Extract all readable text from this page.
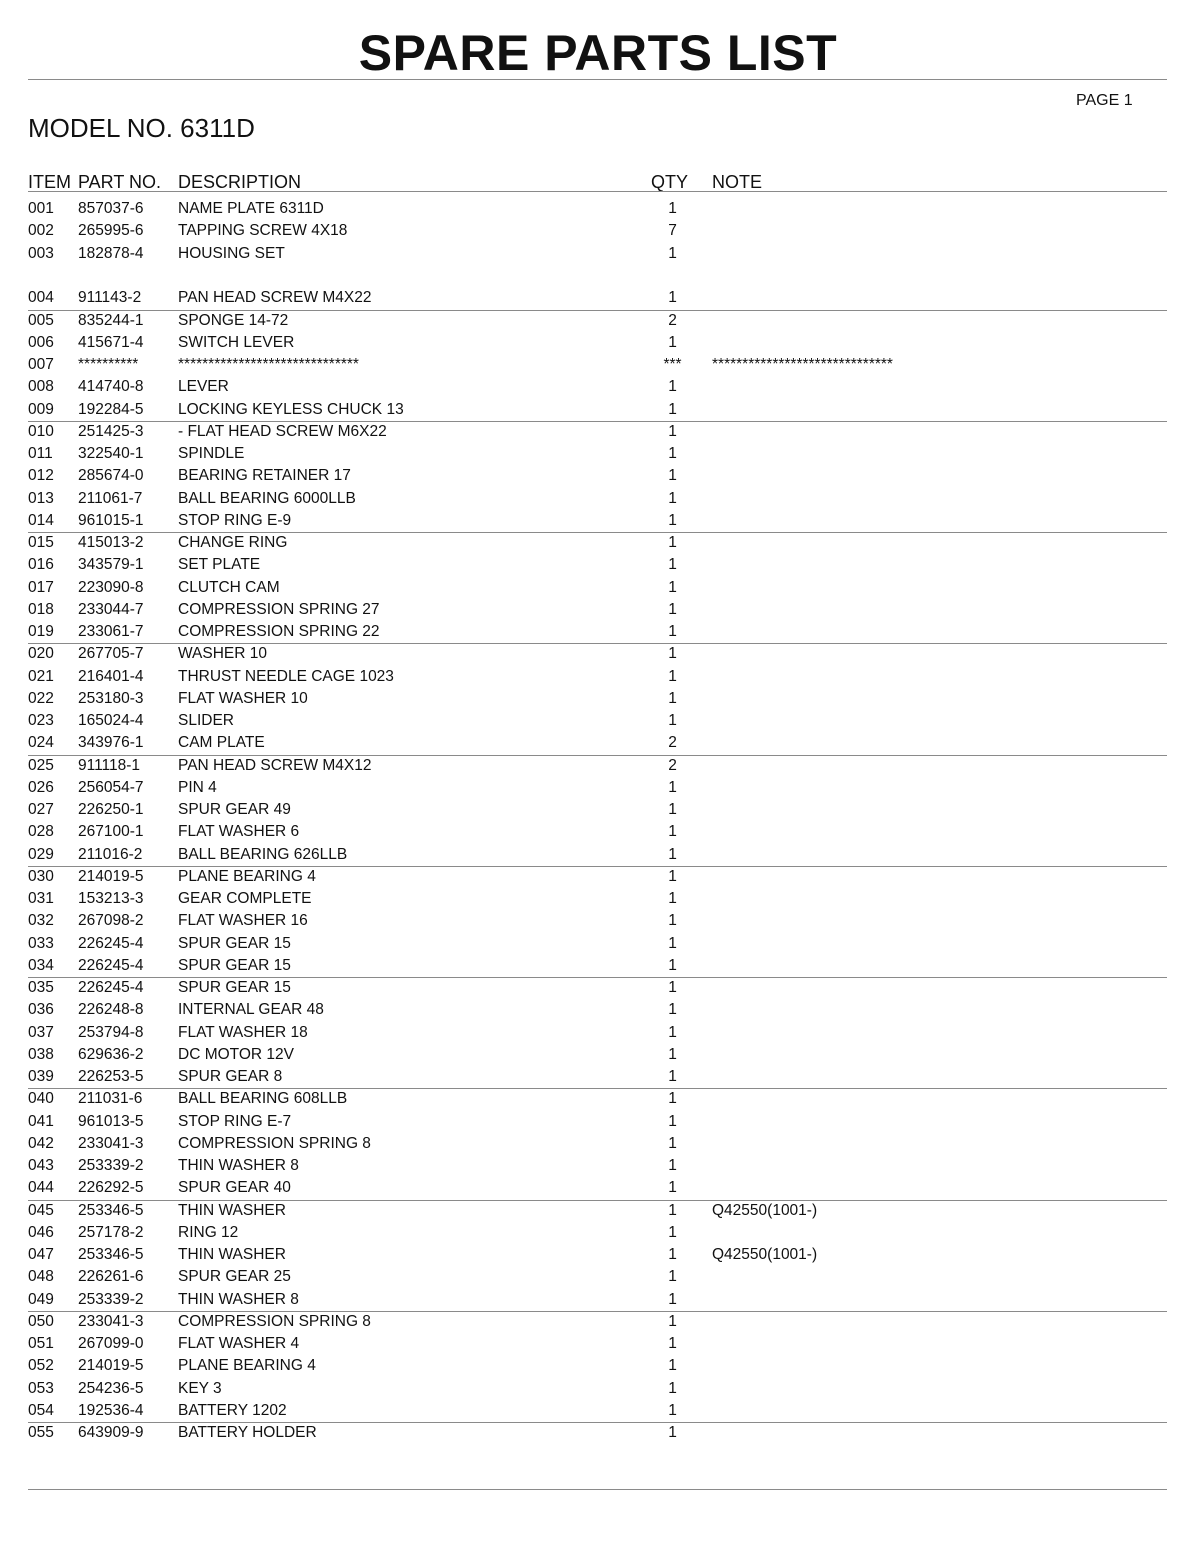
SPARE PARTS LIST
PAGE 1
MODEL NO. 6311D
ITEM PART NO. DESCRIPTION	QTY NOTE
001 857037-6 NAME PLATE 6311D	1
002 265995-6 TAPPING SCREW 4X18	7
003 182878-4 HOUSING SET	1
004 911143-2 PAN HEAD SCREW M4X22	1
005 835244-1 SPONGE 14-72	2
006 415671-4 SWITCH LEVER	1
007 **********	******************************	***	******************************
008 414740-8 LEVER	1
009 192284-5 LOCKING KEYLESS CHUCK 13	1
010 251425-3 - FLAT HEAD SCREW M6X22	1
011 322540-1 SPINDLE	1
012 285674-0 BEARING RETAINER 17	1
013 211061-7 BALL BEARING 6000LLB	1
014 961015-1 STOP RING E-9	1
015 415013-2 CHANGE RING	1
016 343579-1 SET PLATE	1
017 223090-8 CLUTCH CAM	1
018 233044-7 COMPRESSION SPRING 27	1
019 233061-7 COMPRESSION SPRING 22	1
020 267705-7 WASHER 10	1
021 216401-4 THRUST NEEDLE CAGE 1023	1
022 253180-3 FLAT WASHER 10	1
023 165024-4 SLIDER	1
024 343976-1 CAM PLATE	2
025 911118-1 PAN HEAD SCREW M4X12	2
026 256054-7 PIN 4	1
027 226250-1 SPUR GEAR 49	1
028 267100-1 FLAT WASHER 6	1
029 211016-2 BALL BEARING 626LLB	1
030 214019-5 PLANE BEARING 4	1
031 153213-3 GEAR COMPLETE	1
032 267098-2 FLAT WASHER 16	1
033 226245-4 SPUR GEAR 15	1
034 226245-4 SPUR GEAR 15	1
035 226245-4 SPUR GEAR 15	1
036 226248-8 INTERNAL GEAR 48	1
037 253794-8 FLAT WASHER 18	1
038 629636-2 DC MOTOR 12V	1
039 226253-5 SPUR GEAR 8	1
040 211031-6 BALL BEARING 608LLB	1
041 961013-5 STOP RING E-7	1
042 233041-3 COMPRESSION SPRING 8	1
043 253339-2 THIN WASHER 8	1
044 226292-5 SPUR GEAR 40	1
045 253346-5 THIN WASHER	1	Q42550(1001-)
046 257178-2 RING 12	1
047 253346-5 THIN WASHER	1	Q42550(1001-)
048 226261-6 SPUR GEAR 25	1
049 253339-2 THIN WASHER 8	1
050 233041-3 COMPRESSION SPRING 8	1
051 267099-0 FLAT WASHER 4	1
052 214019-5 PLANE BEARING 4	1
053 254236-5 KEY 3	1
054 192536-4 BATTERY 1202	1
055 643909-9 BATTERY HOLDER	1
